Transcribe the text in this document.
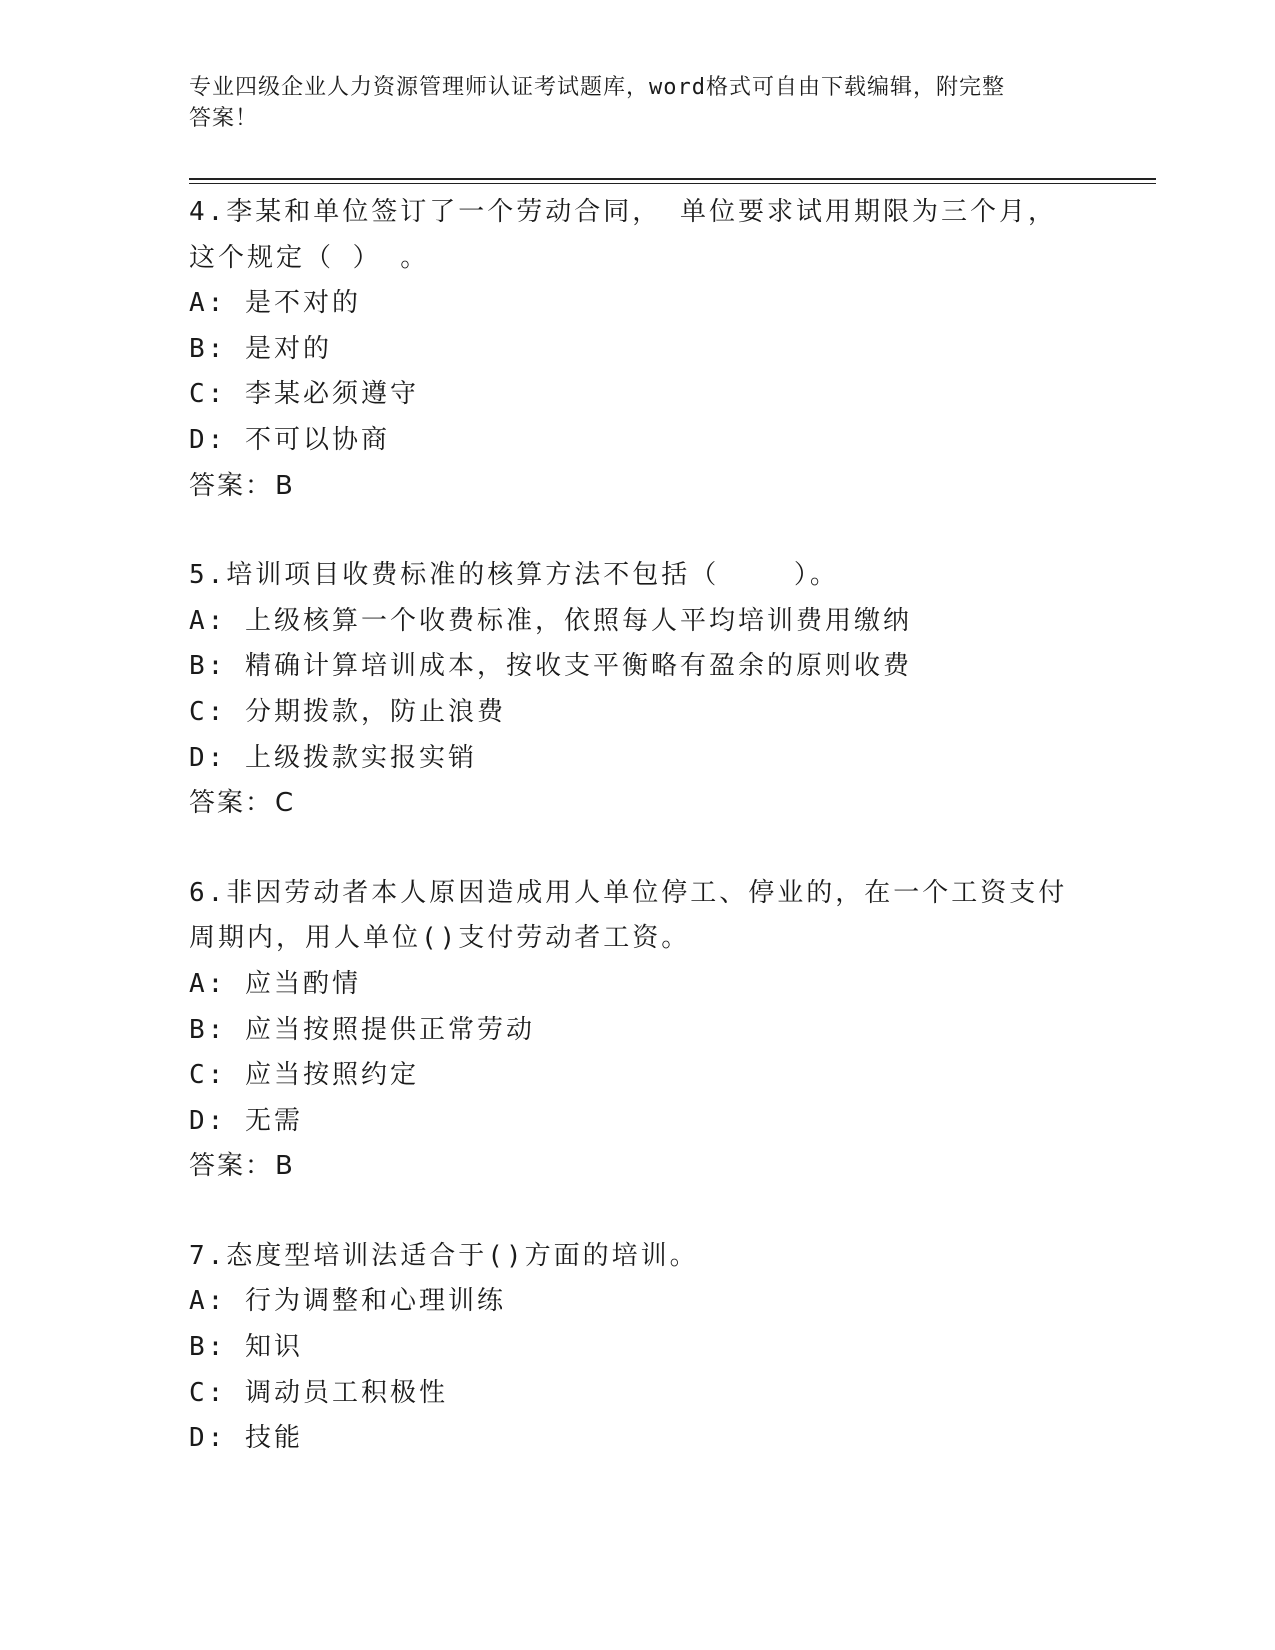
专业四级企业人力资源管理师认证考试题库，word格式可自由下载编辑，附完整
答案！
4.李某和单位签订了一个劳动合同， 单位要求试用期限为三个月，
这个规定（ ） 。
A: 是不对的
B: 是对的
C: 李某必须遵守
D: 不可以协商
答案：B
5.培训项目收费标准的核算方法不包括（    ）。
A: 上级核算一个收费标准，依照每人平均培训费用缴纳
B: 精确计算培训成本，按收支平衡略有盈余的原则收费
C: 分期拨款，防止浪费
D: 上级拨款实报实销
答案：C
6.非因劳动者本人原因造成用人单位停工、停业的，在一个工资支付
周期内，用人单位()支付劳动者工资。
A: 应当酌情
B: 应当按照提供正常劳动
C: 应当按照约定
D: 无需
答案：B
7.态度型培训法适合于()方面的培训。
A: 行为调整和心理训练
B: 知识
C: 调动员工积极性
D: 技能
